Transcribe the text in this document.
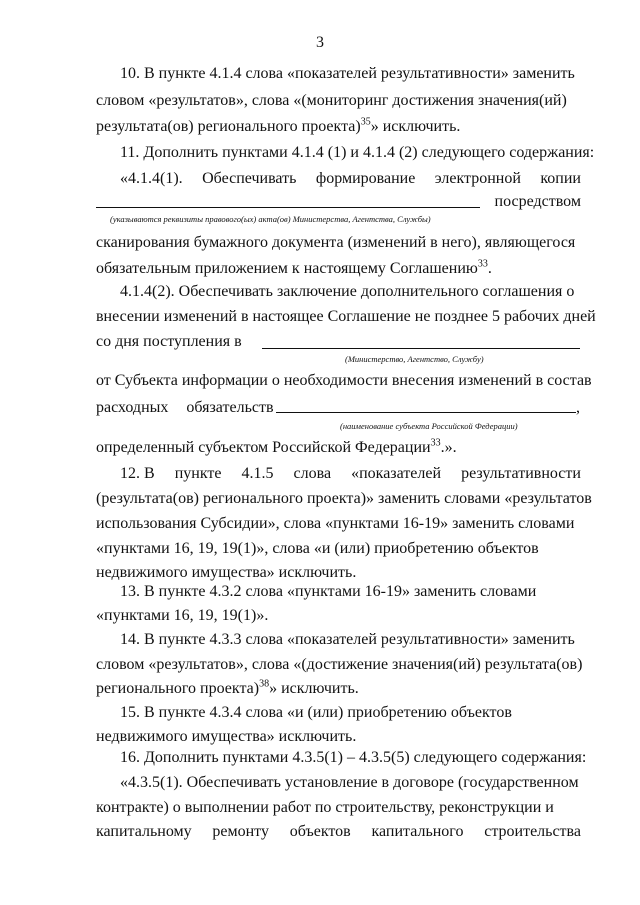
3
10. В пункте 4.1.4 слова «показателей результативности» заменить
словом «результатов», слова «(мониторинг достижения значения(ий)
результата(ов) регионального проекта)$^{35}$» исключить.
11. Дополнить пунктами 4.1.4 (1) и 4.1.4 (2) следующего содержания:
«4.1.4(1). Обеспечивать формирование электронной копии
посредством
(указываются реквизиты правового(ых) акта(ов) Министерства, Агентства, Службы)
сканирования бумажного документа (изменений в него), являющегося
обязательным приложением к настоящему Соглашению$^{33}$.
4.1.4(2). Обеспечивать заключение дополнительного соглашения о
внесении изменений в настоящее Соглашение не позднее 5 рабочих дней
со дня поступления в
(Министерство, Агентство, Службу)
от Субъекта информации о необходимости внесения изменений в состав
расходных обязательств	,
(наименование субъекта Российской Федерации)
определенный субъектом Российской Федерации$^{33}$.».
12. В пункте 4.1.5 слова «показателей результативности
(результата(ов) регионального проекта)» заменить словами «результатов
использования Субсидии», слова «пунктами 16-19» заменить словами
«пунктами 16, 19, 19(1)», слова «и (или) приобретению объектов
недвижимого имущества» исключить.
13. В пункте 4.3.2 слова «пунктами 16-19» заменить словами
«пунктами 16, 19, 19(1)».
14. В пункте 4.3.3 слова «показателей результативности» заменить
словом «результатов», слова «(достижение значения(ий) результата(ов)
регионального проекта)$^{38}$» исключить.
15. В пункте 4.3.4 слова «и (или) приобретению объектов
недвижимого имущества» исключить.
16. Дополнить пунктами 4.3.5(1) – 4.3.5(5) следующего содержания:
«4.3.5(1). Обеспечивать установление в договоре (государственном
контракте) о выполнении работ по строительству, реконструкции и
капитальному ремонту объектов капитального строительства
